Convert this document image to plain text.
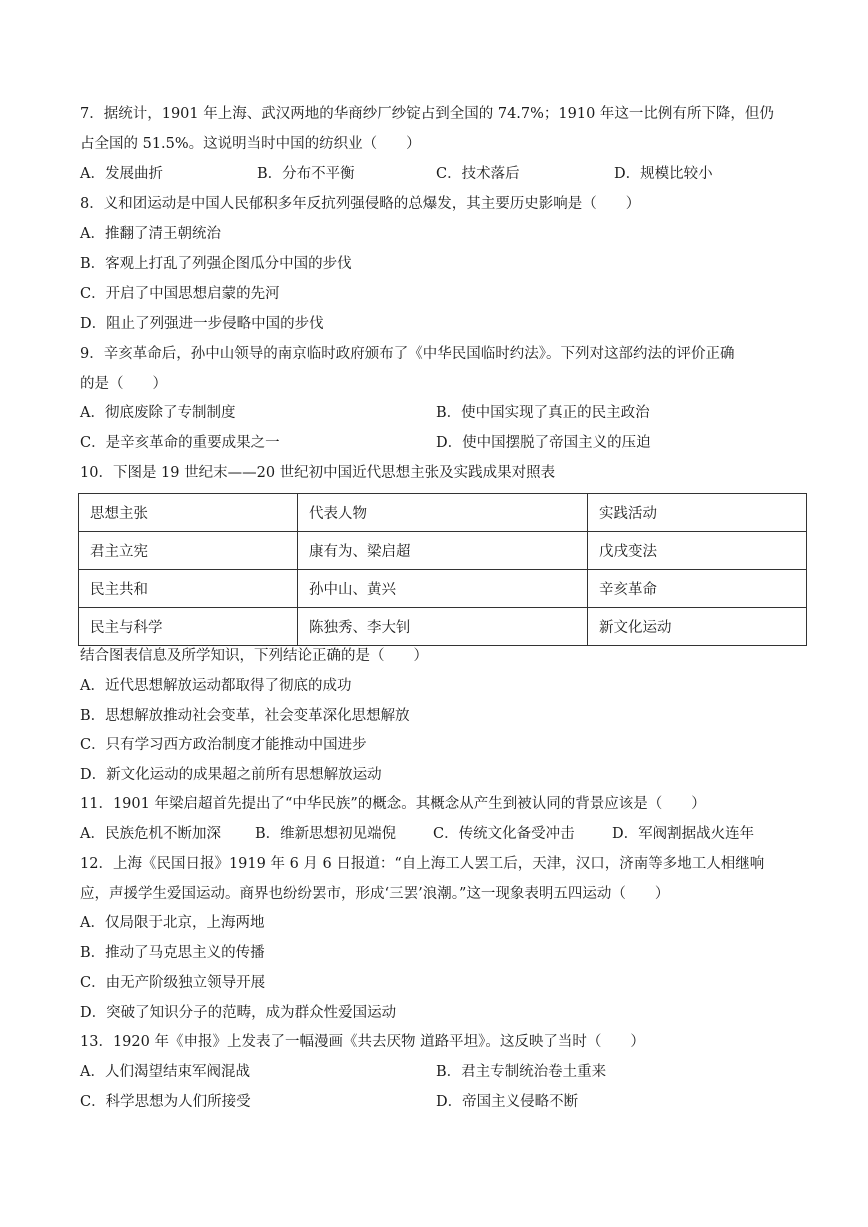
7．据统计，1901 年上海、武汉两地的华商纱厂纱锭占到全国的 74.7%；1910 年这一比例有所下降，但仍
占全国的 51.5%。这说明当时中国的纺织业（　　）
A．发展曲折	B．分布不平衡	C．技术落后	D．规模比较小
8．义和团运动是中国人民郁积多年反抗列强侵略的总爆发，其主要历史影响是（　　）
A．推翻了清王朝统治
B．客观上打乱了列强企图瓜分中国的步伐
C．开启了中国思想启蒙的先河
D．阻止了列强进一步侵略中国的步伐
9．辛亥革命后，孙中山领导的南京临时政府颁布了《中华民国临时约法》。下列对这部约法的评价正确
的是（　　）
A．彻底废除了专制制度	B．使中国实现了真正的民主政治
C．是辛亥革命的重要成果之一	D．使中国摆脱了帝国主义的压迫
10．下图是 19 世纪末——20 世纪初中国近代思想主张及实践成果对照表
思想主张	代表人物	实践活动
君主立宪	康有为、梁启超	戊戌变法
民主共和	孙中山、黄兴	辛亥革命
民主与科学	陈独秀、李大钊	新文化运动
结合图表信息及所学知识，下列结论正确的是（　　）
A．近代思想解放运动都取得了彻底的成功
B．思想解放推动社会变革，社会变革深化思想解放
C．只有学习西方政治制度才能推动中国进步
D．新文化运动的成果超之前所有思想解放运动
11．1901 年梁启超首先提出了“中华民族”的概念。其概念从产生到被认同的背景应该是（　　）
A．民族危机不断加深 B．维新思想初见端倪	C．传统文化备受冲击	D．军阀割据战火连年
12．上海《民国日报》1919 年 6 月 6 日报道：“自上海工人罢工后，天津，汉口，济南等多地工人相继响
应，声援学生爱国运动。商界也纷纷罢市，形成‘三罢’浪潮。”这一现象表明五四运动（　　）
A．仅局限于北京，上海两地
B．推动了马克思主义的传播
C．由无产阶级独立领导开展
D．突破了知识分子的范畴，成为群众性爱国运动
13．1920 年《申报》上发表了一幅漫画《共去厌物 道路平坦》。这反映了当时（　　）
A．人们渴望结束军阀混战	B．君主专制统治卷土重来
C．科学思想为人们所接受	D．帝国主义侵略不断
